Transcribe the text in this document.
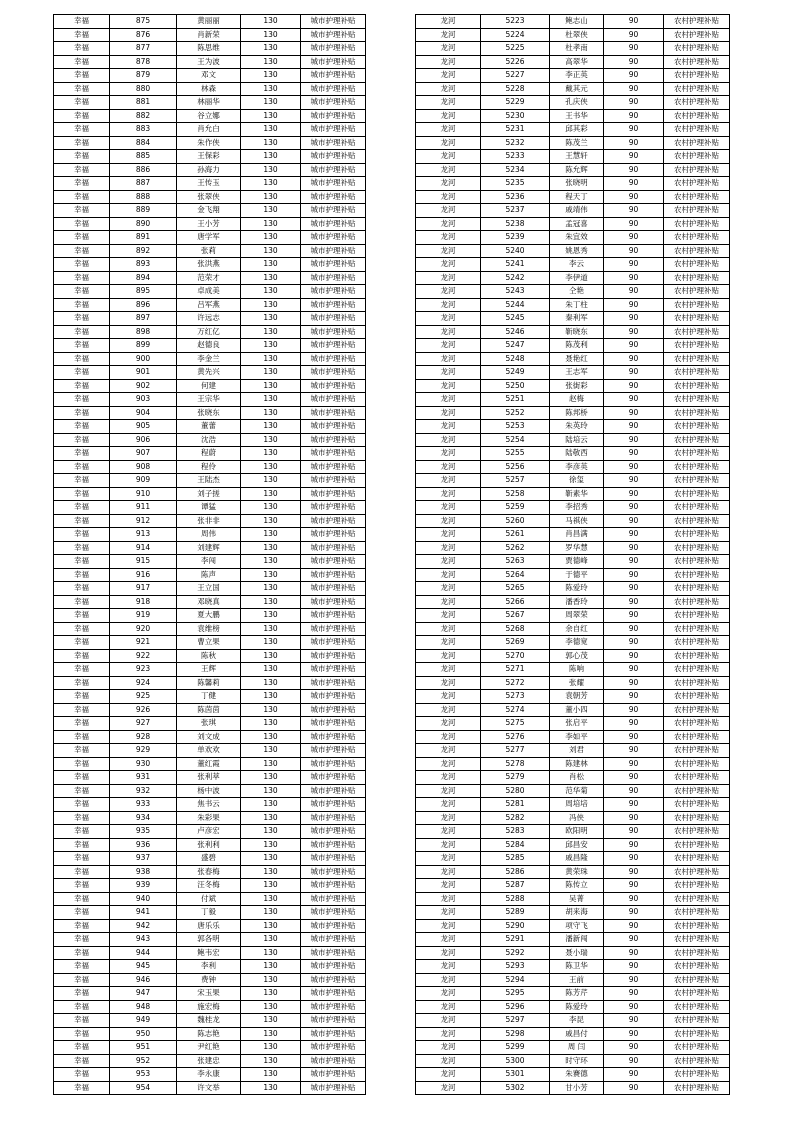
幸福	875	黄丽丽	130	城市护理补贴
幸福	876	肖新荣	130	城市护理补贴
幸福	877	陈思维	130	城市护理补贴
幸福	878	王为波	130	城市护理补贴
幸福	879	邓文	130	城市护理补贴
幸福	880	林森	130	城市护理补贴
幸福	881	林丽华	130	城市护理补贴
幸福	882	谷立娜	130	城市护理补贴
幸福	883	肖允白	130	城市护理补贴
幸福	884	朱作侠	130	城市护理补贴
幸福	885	王保彩	130	城市护理补贴
幸福	886	孙海力	130	城市护理补贴
幸福	887	王传玉	130	城市护理补贴
幸福	888	张翠侠	130	城市护理补贴
幸福	889	金飞翔	130	城市护理补贴
幸福	890	王小芳	130	城市护理补贴
幸福	891	唐学军	130	城市护理补贴
幸福	892	张莉	130	城市护理补贴
幸福	893	张洪燕	130	城市护理补贴
幸福	894	范荣才	130	城市护理补贴
幸福	895	卓成美	130	城市护理补贴
幸福	896	吕军燕	130	城市护理补贴
幸福	897	许远志	130	城市护理补贴
幸福	898	万红亿	130	城市护理补贴
幸福	899	赵德良	130	城市护理补贴
幸福	900	李金兰	130	城市护理补贴
幸福	901	黄先兴	130	城市护理补贴
幸福	902	何建	130	城市护理补贴
幸福	903	王宗华	130	城市护理补贴
幸福	904	张晓东	130	城市护理补贴
幸福	905	董蕾	130	城市护理补贴
幸福	906	沈浩	130	城市护理补贴
幸福	907	程蔚	130	城市护理补贴
幸福	908	程伶	130	城市护理补贴
幸福	909	王陆杰	130	城市护理补贴
幸福	910	刘子搓	130	城市护理补贴
幸福	911	谭猛	130	城市护理补贴
幸福	912	张非非	130	城市护理补贴
幸福	913	周伟	130	城市护理补贴
幸福	914	刘建辉	130	城市护理补贴
幸福	915	李闯	130	城市护理补贴
幸福	916	陈声	130	城市护理补贴
幸福	917	王立国	130	城市护理补贴
幸福	918	邓晓真	130	城市护理补贴
幸福	919	夏大鹏	130	城市护理补贴
幸福	920	袁维榜	130	城市护理补贴
幸福	921	曹立果	130	城市护理补贴
幸福	922	陈秋	130	城市护理补贴
幸福	923	王辉	130	城市护理补贴
幸福	924	陈馨莉	130	城市护理补贴
幸福	925	丁健	130	城市护理补贴
幸福	926	陈茵茵	130	城市护理补贴
幸福	927	张琪	130	城市护理补贴
幸福	928	刘文成	130	城市护理补贴
幸福	929	单欢欢	130	城市护理补贴
幸福	930	董红霞	130	城市护理补贴
幸福	931	张利萃	130	城市护理补贴
幸福	932	杨中波	130	城市护理补贴
幸福	933	焦书云	130	城市护理补贴
幸福	934	朱彩果	130	城市护理补贴
幸福	935	卢彦宏	130	城市护理补贴
幸福	936	张利利	130	城市护理补贴
幸福	937	盛碧	130	城市护理补贴
幸福	938	张春梅	130	城市护理补贴
幸福	939	汪冬梅	130	城市护理补贴
幸福	940	付斌	130	城市护理补贴
幸福	941	丁毅	130	城市护理补贴
幸福	942	唐乐乐	130	城市护理补贴
幸福	943	郭各明	130	城市护理补贴
幸福	944	鲍韦宏	130	城市护理补贴
幸福	945	李利	130	城市护理补贴
幸福	946	费钟	130	城市护理补贴
幸福	947	宋玉果	130	城市护理补贴
幸福	948	施宏梅	130	城市护理补贴
幸福	949	魏桂龙	130	城市护理补贴
幸福	950	陈志艳	130	城市护理补贴
幸福	951	尹红艳	130	城市护理补贴
幸福	952	张建忠	130	城市护理补贴
幸福	953	李永康	130	城市护理补贴
幸福	954	许文举	130	城市护理补贴
龙河	5223	鲍志山	90	农村护理补贴
龙河	5224	杜翠侠	90	农村护理补贴
龙河	5225	杜孝南	90	农村护理补贴
龙河	5226	高翠华	90	农村护理补贴
龙河	5227	李正英	90	农村护理补贴
龙河	5228	戴其元	90	农村护理补贴
龙河	5229	孔庆侠	90	农村护理补贴
龙河	5230	王书华	90	农村护理补贴
龙河	5231	邱其彩	90	农村护理补贴
龙河	5232	陈茂兰	90	农村护理补贴
龙河	5233	王慧轩	90	农村护理补贴
龙河	5234	陈允辉	90	农村护理补贴
龙河	5235	张晓明	90	农村护理补贴
龙河	5236	程天丁	90	农村护理补贴
龙河	5237	戚靖伟	90	农村护理补贴
龙河	5238	孟冠喜	90	农村护理补贴
龙河	5239	朱宜效	90	农村护理补贴
龙河	5240	姚恩秀	90	农村护理补贴
龙河	5241	李云	90	农村护理补贴
龙河	5242	李伊道	90	农村护理补贴
龙河	5243	仝艳	90	农村护理补贴
龙河	5244	朱丁柱	90	农村护理补贴
龙河	5245	秦利军	90	农村护理补贴
龙河	5246	靳晓东	90	农村护理补贴
龙河	5247	陈茂利	90	农村护理补贴
龙河	5248	聂艳红	90	农村护理补贴
龙河	5249	王志军	90	农村护理补贴
龙河	5250	张街彩	90	农村护理补贴
龙河	5251	赵梅	90	农村护理补贴
龙河	5252	陈邦桥	90	农村护理补贴
龙河	5253	朱英玲	90	农村护理补贴
龙河	5254	陆培云	90	农村护理补贴
龙河	5255	陆敬西	90	农村护理补贴
龙河	5256	李彦英	90	农村护理补贴
龙河	5257	徐玺	90	农村护理补贴
龙河	5258	靳素华	90	农村护理补贴
龙河	5259	李招秀	90	农村护理补贴
龙河	5260	马祺侠	90	农村护理补贴
龙河	5261	肖昌满	90	农村护理补贴
龙河	5262	罗华慧	90	农村护理补贴
龙河	5263	贾德峰	90	农村护理补贴
龙河	5264	于德平	90	农村护理补贴
龙河	5265	陈爱玲	90	农村护理补贴
龙河	5266	潘香玲	90	农村护理补贴
龙河	5267	周翠荣	90	农村护理补贴
龙河	5268	余自红	90	农村护理补贴
龙河	5269	李德宽	90	农村护理补贴
龙河	5270	郭心茂	90	农村护理补贴
龙河	5271	陈响	90	农村护理补贴
龙河	5272	张耀	90	农村护理补贴
龙河	5273	袁朝芳	90	农村护理补贴
龙河	5274	董小四	90	农村护理补贴
龙河	5275	张启平	90	农村护理补贴
龙河	5276	李如平	90	农村护理补贴
龙河	5277	刘君	90	农村护理补贴
龙河	5278	陈建林	90	农村护理补贴
龙河	5279	肖松	90	农村护理补贴
龙河	5280	范华菊	90	农村护理补贴
龙河	5281	周培培	90	农村护理补贴
龙河	5282	冯侠	90	农村护理补贴
龙河	5283	欧阳明	90	农村护理补贴
龙河	5284	邱昌安	90	农村护理补贴
龙河	5285	戚昌隆	90	农村护理补贴
龙河	5286	黄荣珠	90	农村护理补贴
龙河	5287	陈传立	90	农村护理补贴
龙河	5288	吴菁	90	农村护理补贴
龙河	5289	胡来海	90	农村护理补贴
龙河	5290	项守飞	90	农村护理补贴
龙河	5291	潘新闯	90	农村护理补贴
龙河	5292	聂小瑞	90	农村护理补贴
龙河	5293	陈卫华	90	农村护理补贴
龙河	5294	王前	90	农村护理补贴
龙河	5295	陈芳芹	90	农村护理补贴
龙河	5296	陈爱玲	90	农村护理补贴
龙河	5297	李昆	90	农村护理补贴
龙河	5298	戚昌付	90	农村护理补贴
龙河	5299	周 闫	90	农村护理补贴
龙河	5300	时守环	90	农村护理补贴
龙河	5301	朱賽德	90	农村护理补贴
龙河	5302	甘小芳	90	农村护理补贴
